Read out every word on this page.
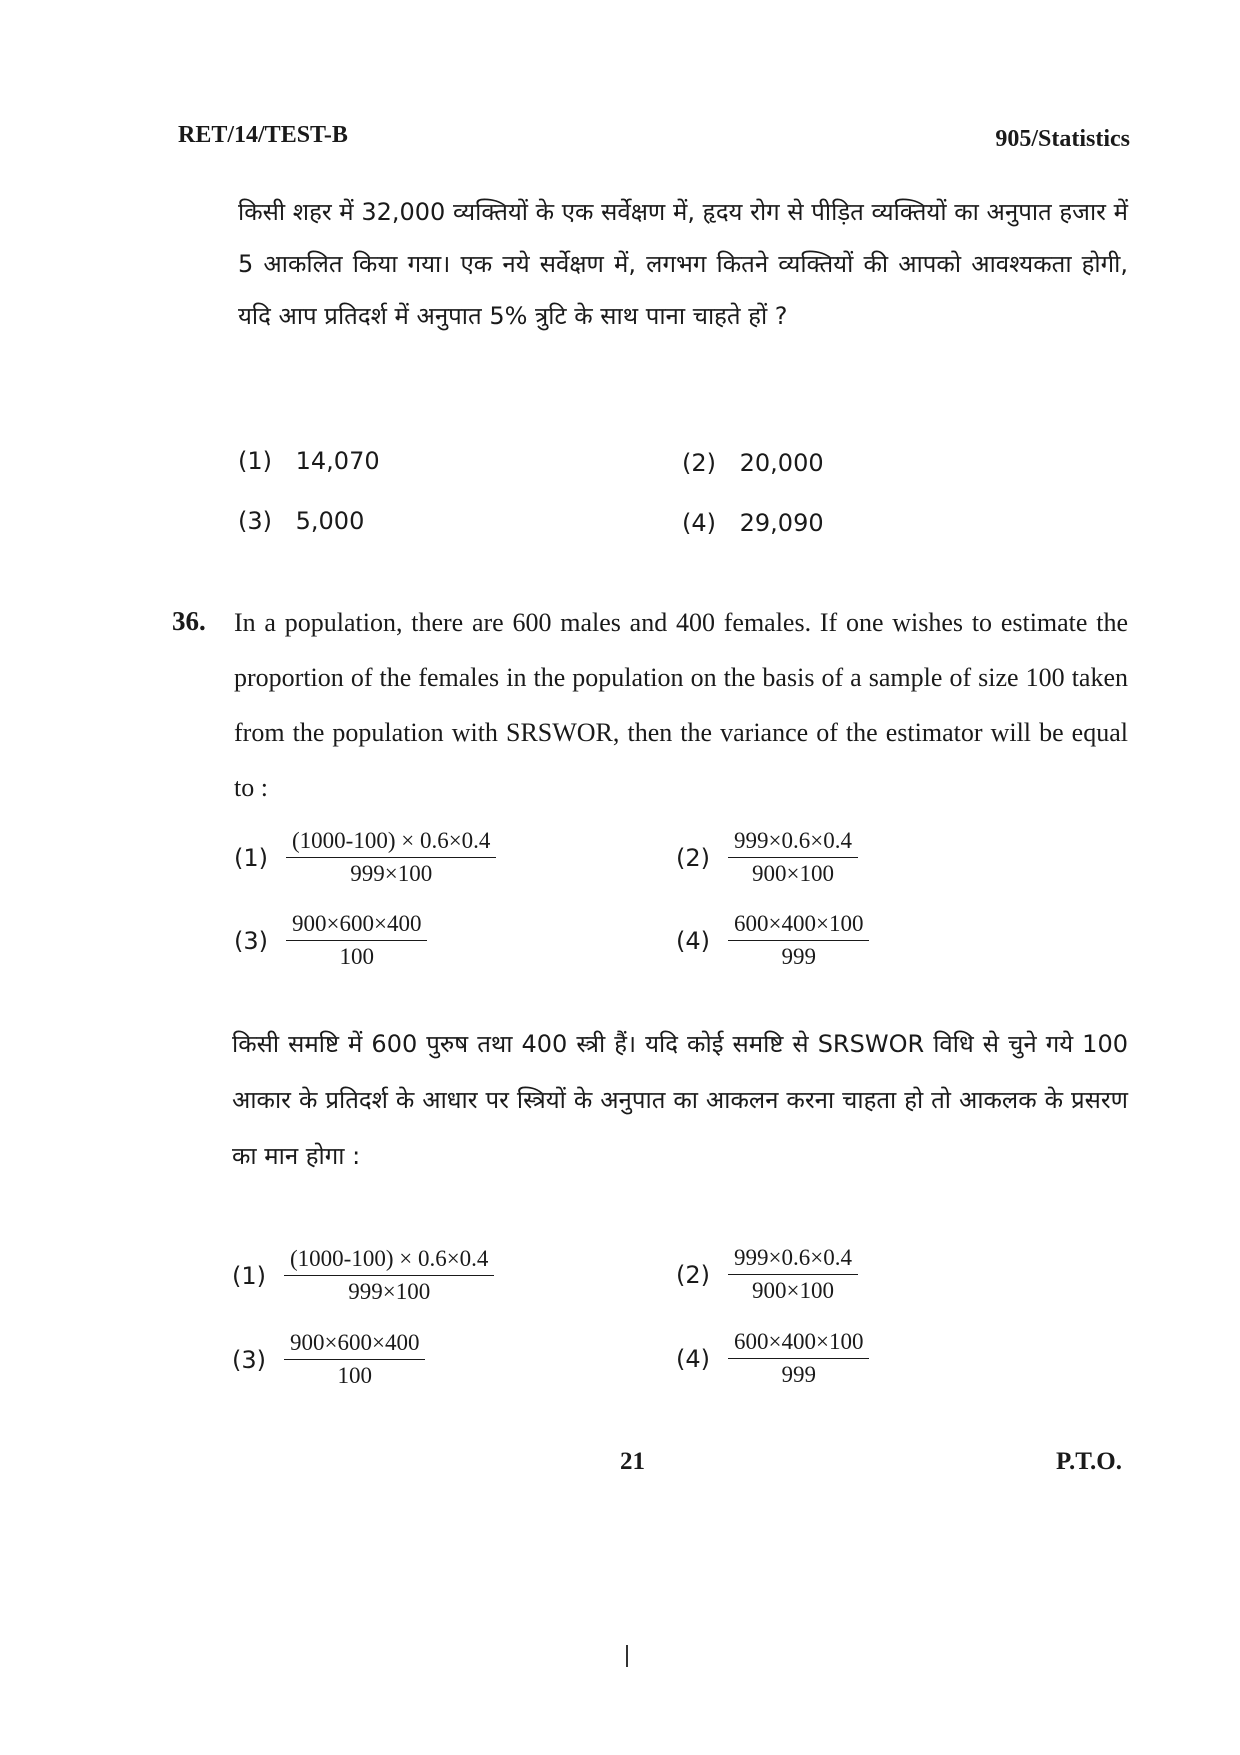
RET/14/TEST-B	905/Statistics
किसी शहर में 32,000 व्यक्तियों के एक सर्वेक्षण में, हृदय रोग से पीड़ित व्यक्तियों का अनुपात हजार में 5 आकलित किया गया। एक नये सर्वेक्षण में, लगभग कितने व्यक्तियों की आपको आवश्यकता होगी, यदि आप प्रतिदर्श में अनुपात 5% त्रुटि के साथ पाना चाहते हों ?
(1) 14,070	(2) 20,000
(3) 5,000	(4) 29,090
36. In a population, there are 600 males and 400 females. If one wishes to estimate the proportion of the females in the population on the basis of a sample of size 100 taken from the population with SRSWOR, then the variance of the estimator will be equal to :
$(1) \frac{(1000-100) \times 0.6\times 0.4}{999\times 100}$	$(2) \frac{999\times 0.6\times 0.4}{900\times 100}$
$(3) \frac{900\times 600\times 400}{100}$	$(4) \frac{600\times 400\times 100}{999}$
किसी समष्टि में 600 पुरुष तथा 400 स्त्री हैं। यदि कोई समष्टि से SRSWOR विधि से चुने गये 100 आकार के प्रतिदर्श के आधार पर स्त्रियों के अनुपात का आकलन करना चाहता हो तो आकलक के प्रसरण का मान होगा :
$(1) \frac{(1000-100) \times 0.6\times 0.4}{999\times 100}$	$(2) \frac{999\times 0.6\times 0.4}{900\times 100}$
$(3) \frac{900\times 600\times 400}{100}$	$(4) \frac{600\times 400\times 100}{999}$
21	P.T.O.
